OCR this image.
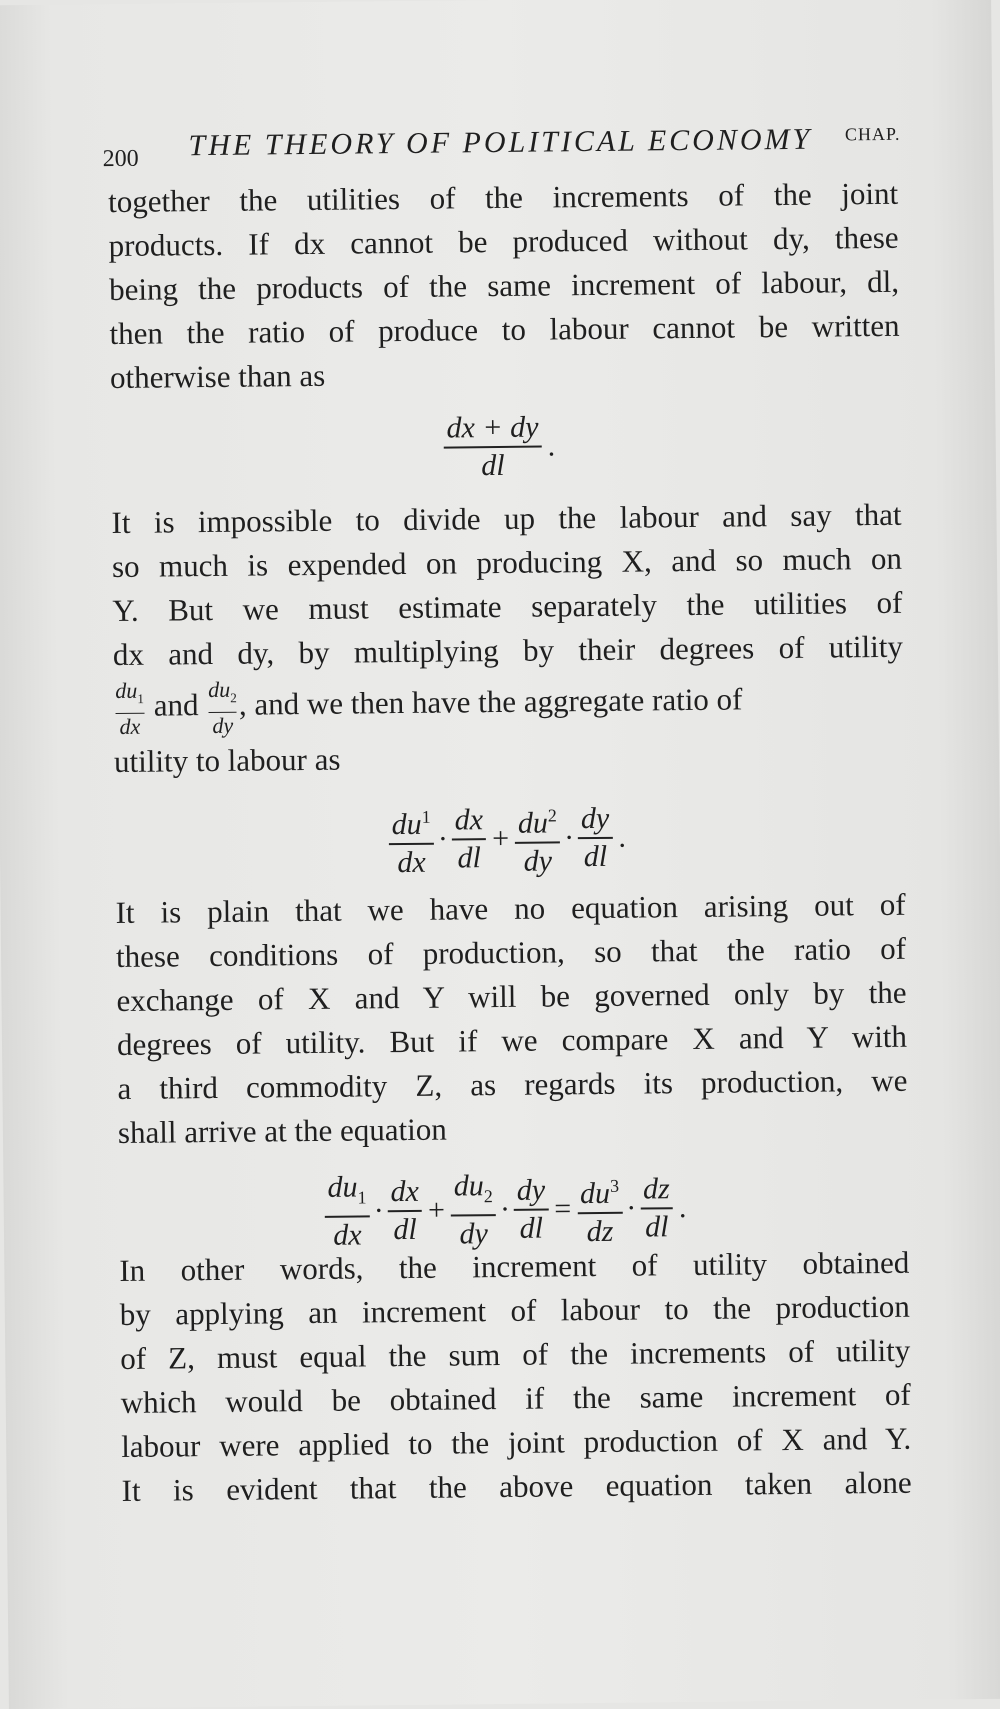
200 THE THEORY OF POLITICAL ECONOMY CHAP.
together the utilities of the increments of the joint
products. If dx cannot be produced without dy, these
being the products of the same increment of labour, dl,
then the ratio of produce to labour cannot be written
otherwise than as
$\frac{dx + dy}{dl}$ .
It is impossible to divide up the labour and say that
so much is expended on producing X, and so much on
Y. But we must estimate separately the utilities of
dx and dy, by multiplying by their degrees of utility
$\frac{du_1}{dx}$ and $\frac{du_2}{dy}$ , and we then have the aggregate ratio of
utility to labour as
$\frac{du^1}{dx} \cdot \frac{dx}{dl} + \frac{du^2}{dy} \cdot \frac{dy}{dl}$ .
It is plain that we have no equation arising out of
these conditions of production, so that the ratio of
exchange of X and Y will be governed only by the
degrees of utility. But if we compare X and Y with
a third commodity Z, as regards its production, we
shall arrive at the equation
$\frac{du_1}{dx} \cdot \frac{dx}{dl} + \frac{du_2}{dy} \cdot \frac{dy}{dl} = \frac{du^3}{dz} \cdot \frac{dz}{dl}$ .
In other words, the increment of utility obtained
by applying an increment of labour to the production
of Z, must equal the sum of the increments of utility
which would be obtained if the same increment of
labour were applied to the joint production of X and Y.
It is evident that the above equation taken alone
